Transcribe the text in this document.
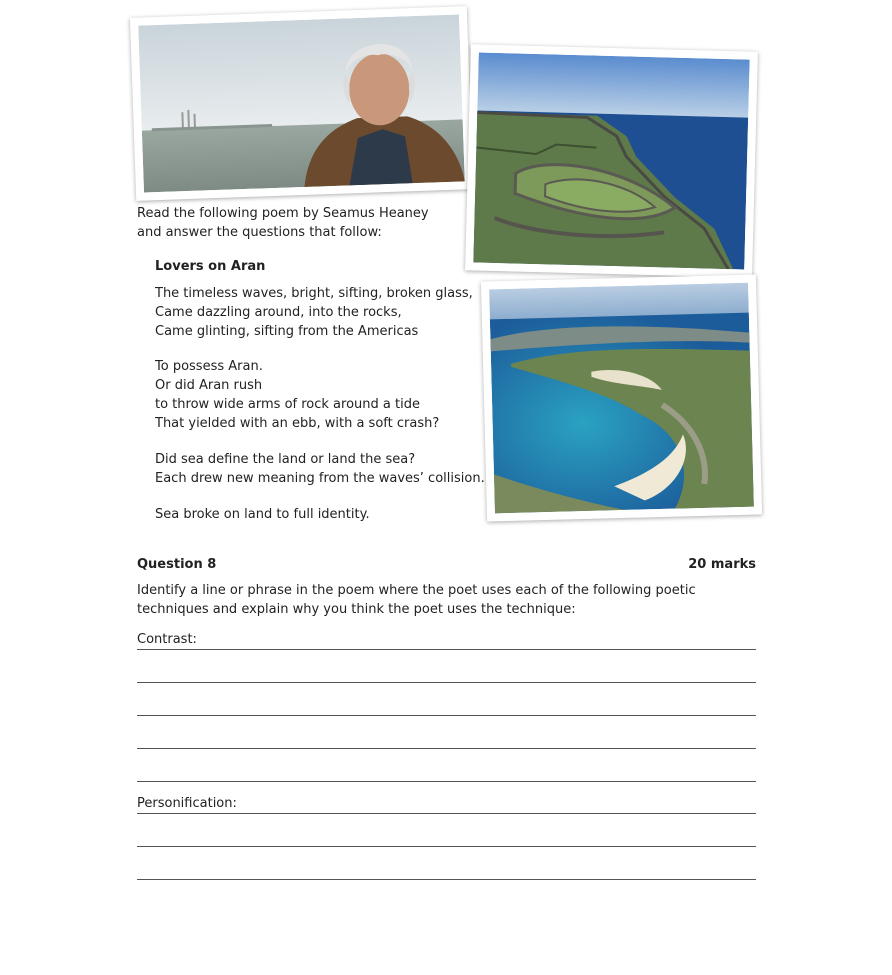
Read the following poem by Seamus Heaney and answer the questions that follow:
Lovers on Aran
The timeless waves, bright, sifting, broken glass,
Came dazzling around, into the rocks,
Came glinting, sifting from the Americas
To possess Aran.
Or did Aran rush
to throw wide arms of rock around a tide
That yielded with an ebb, with a soft crash?
Did sea define the land or land the sea?
Each drew new meaning from the waves’ collision.
Sea broke on land to full identity.
Question 8	20 marks
Identify a line or phrase in the poem where the poet uses each of the following poetic techniques and explain why you think the poet uses the technique:
Contrast:
Personification:
